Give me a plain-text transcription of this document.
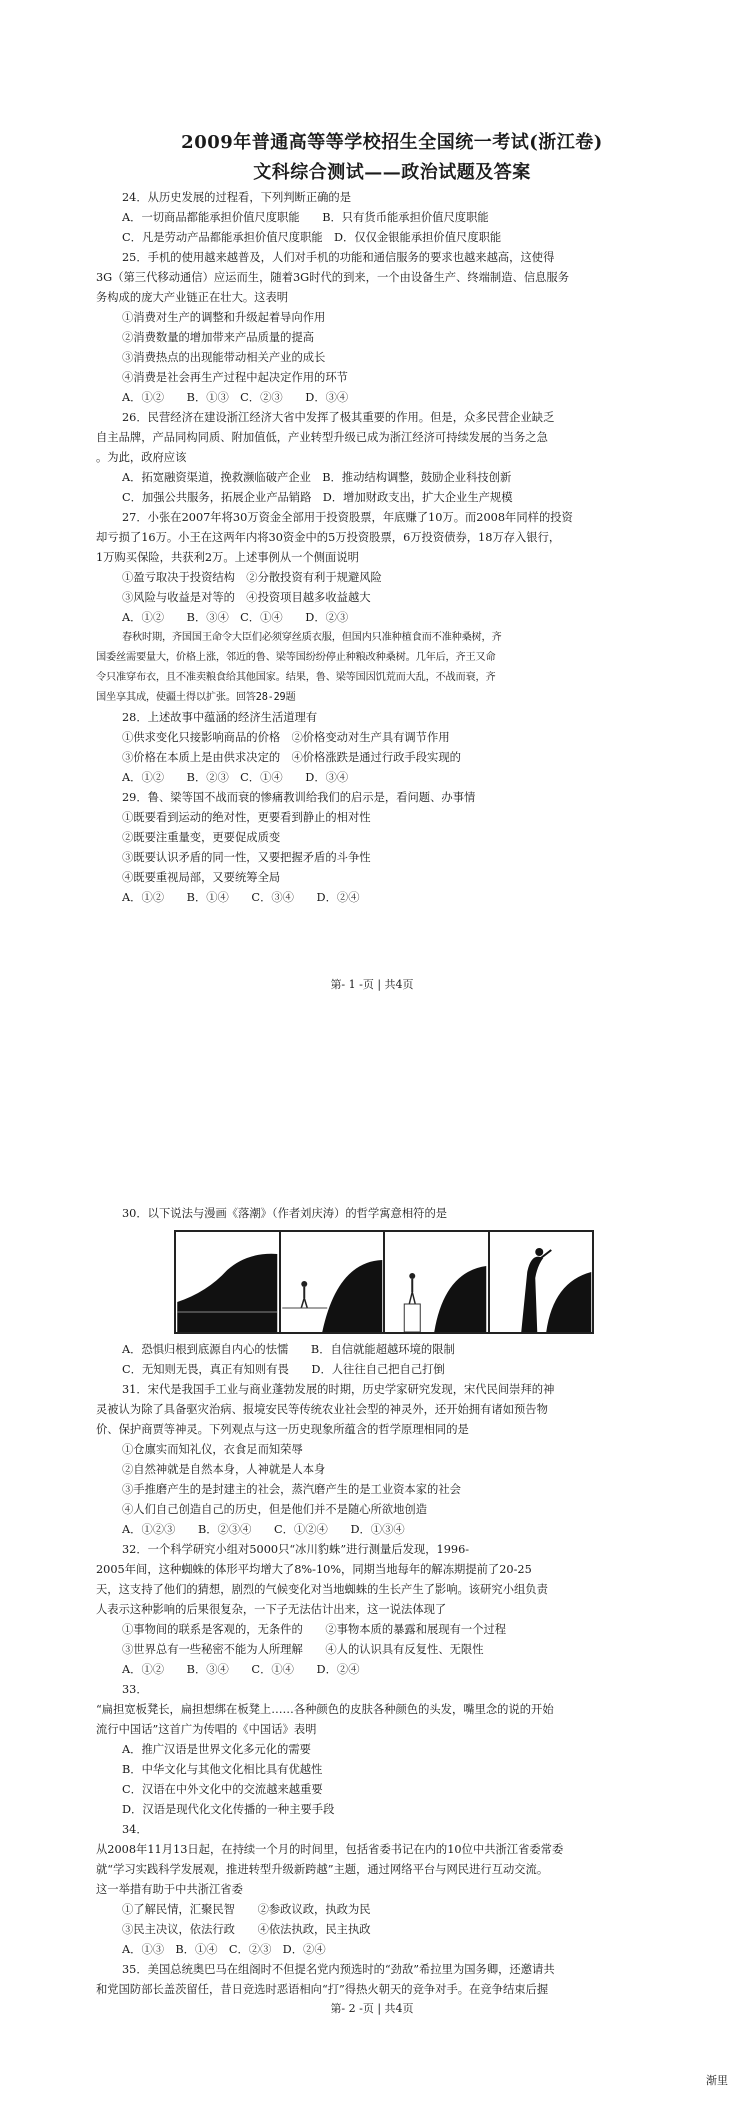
2009年普通高等等学校招生全国统一考试(浙江卷)
文科综合测试——政治试题及答案
24．从历史发展的过程看，下列判断正确的是
A．一切商品都能承担价值尺度职能　　B．只有货币能承担价值尺度职能
C．凡是劳动产品都能承担价值尺度职能　D．仅仅金银能承担价值尺度职能
25．手机的使用越来越普及，人们对手机的功能和通信服务的要求也越来越高，这使得
3G（第三代移动通信）应运而生，随着3G时代的到来，一个由设备生产、终端制造、信息服务
务构成的庞大产业链正在壮大。这表明
①消费对生产的调整和升级起着导向作用
②消费数量的增加带来产品质量的提高
③消费热点的出现能带动相关产业的成长
④消费是社会再生产过程中起决定作用的环节
A．①②　　B．①③　C．②③　　D．③④
26．民营经济在建设浙江经济大省中发挥了极其重要的作用。但是，众多民营企业缺乏
自主品牌，产品同构同质、附加值低，产业转型升级已成为浙江经济可持续发展的当务之急
。为此，政府应该
A．拓宽融资渠道，挽救濒临破产企业　B．推动结构调整，鼓励企业科技创新
C．加强公共服务，拓展企业产品销路　D．增加财政支出，扩大企业生产规模
27．小张在2007年将30万资金全部用于投资股票，年底赚了10万。而2008年同样的投资
却亏损了16万。小王在这两年内将30资金中的5万投资股票，6万投资债券，18万存入银行，
1万购买保险，共获利2万。上述事例从一个侧面说明
①盈亏取决于投资结构　②分散投资有利于规避风险
③风险与收益是对等的　④投资项目越多收益越大
A．①②　　B．③④　C．①④　　D．②③
春秋时期，齐国国王命令大臣们必须穿丝质衣服，但国内只准种植食而不准种桑树，齐
国委丝需要量大，价格上涨，邻近的鲁、梁等国纷纷停止种粮改种桑树。几年后，齐王又命
令只准穿布衣，且不准卖粮食给其他国家。结果，鲁、梁等国因饥荒而大乱，不战而衰，齐
国坐享其成，使疆土得以扩张。回答28-29题
28．上述故事中蕴涵的经济生活道理有
①供求变化只接影响商品的价格　②价格变动对生产具有调节作用
③价格在本质上是由供求决定的　④价格涨跌是通过行政手段实现的
A．①②　　B．②③　C．①④　　D．③④
29．鲁、梁等国不战而衰的惨痛教训给我们的启示是，看问题、办事情
①既要看到运动的绝对性，更要看到静止的相对性
②既要注重量变，更要促成质变
③既要认识矛盾的同一性，又要把握矛盾的斗争性
④既要重视局部，又要统筹全局
A．①②　　B．①④　　C．③④　　D．②④
第- 1 -页 | 共4页
30．以下说法与漫画《落潮》（作者刘庆涛）的哲学寓意相符的是
A．恐惧归根到底源自内心的怯懦　　B．自信就能超越环境的限制
C．无知则无畏，真正有知则有畏　　D．人往往自己把自己打倒
31．宋代是我国手工业与商业蓬勃发展的时期，历史学家研究发现，宋代民间崇拜的神
灵被认为除了具备驱灾治病、报境安民等传统农业社会型的神灵外，还开始拥有诸如预告物
价、保护商贾等神灵。下列观点与这一历史现象所蕴含的哲学原理相同的是
①仓廪实而知礼仪，衣食足而知荣辱
②自然神就是自然本身，人神就是人本身
③手推磨产生的是封建主的社会，蒸汽磨产生的是工业资本家的社会
④人们自己创造自己的历史，但是他们并不是随心所欲地创造
A．①②③　　B．②③④　　C．①②④　　D．①③④
32．一个科学研究小组对5000只“冰川豹蛛”进行测量后发现，1996-
2005年间，这种蜘蛛的体形平均增大了8%-10%，同期当地每年的解冻期提前了20-25
天，这支持了他们的猜想，剧烈的气候变化对当地蜘蛛的生长产生了影响。该研究小组负责
人表示这种影响的后果很复杂，一下子无法估计出来，这一说法体现了
①事物间的联系是客观的，无条件的　　②事物本质的暴露和展现有一个过程
③世界总有一些秘密不能为人所理解　　④人的认识具有反复性、无限性
A．①②　　B．③④　　C．①④　　D．②④
33．
“扁担宽板凳长，扁担想绑在板凳上……各种颜色的皮肤各种颜色的头发，嘴里念的说的开始
流行中国话”这首广为传唱的《中国话》表明
A．推广汉语是世界文化多元化的需要
B．中华文化与其他文化相比具有优越性
C．汉语在中外文化中的交流越来越重要
D．汉语是现代化文化传播的一种主要手段
34．
从2008年11月13日起，在持续一个月的时间里，包括省委书记在内的10位中共浙江省委常委
就“学习实践科学发展观，推进转型升级新跨越”主题，通过网络平台与网民进行互动交流。
这一举措有助于中共浙江省委
①了解民情，汇聚民智　　②参政议政，执政为民
③民主决议，依法行政　　④依法执政，民主执政
A．①③　B．①④　C．②③　D．②④
35．美国总统奥巴马在组阁时不但提名党内预选时的“劲敌”希拉里为国务卿，还邀请共
和党国防部长盖茨留任，昔日竞选时恶语相向“打”得热火朝天的竞争对手。在竞争结束后握
第- 2 -页 | 共4页
渐里
